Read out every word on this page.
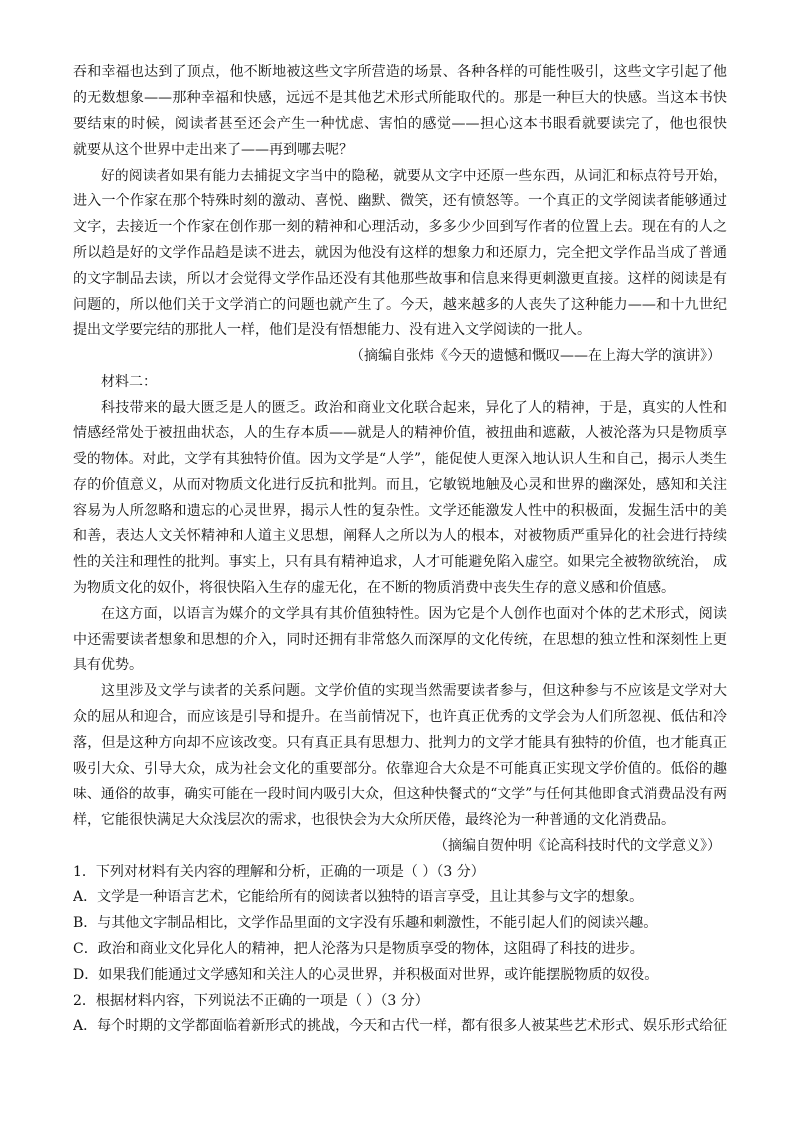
吞和幸福也达到了顶点，他不断地被这些文字所营造的场景、各种各样的可能性吸引，这些文字引起了他
的无数想象——那种幸福和快感，远远不是其他艺术形式所能取代的。那是一种巨大的快感。当这本书快
要结束的时候，阅读者甚至还会产生一种忧虑、害怕的感觉——担心这本书眼看就要读完了，他也很快
就要从这个世界中走出来了——再到哪去呢？
好的阅读者如果有能力去捕捉文字当中的隐秘，就要从文字中还原一些东西，从词汇和标点符号开始，
进入一个作家在那个特殊时刻的激动、喜悦、幽默、微笑，还有愤怒等。一个真正的文学阅读者能够通过
文字，去接近一个作家在创作那一刻的精神和心理活动，多多少少回到写作者的位置上去。现在有的人之
所以趋是好的文学作品趋是读不进去，就因为他没有这样的想象力和还原力，完全把文学作品当成了普通
的文字制品去读，所以才会觉得文学作品还没有其他那些故事和信息来得更刺激更直接。这样的阅读是有
问题的，所以他们关于文学消亡的问题也就产生了。今天，越来越多的人丧失了这种能力——和十九世纪
提出文学要完结的那批人一样，他们是没有悟想能力、没有进入文学阅读的一批人。
（摘编自张炜《今天的遗憾和慨叹——在上海大学的演讲》）
材料二：
科技带来的最大匮乏是人的匮乏。政治和商业文化联合起来，异化了人的精神，于是，真实的人性和
情感经常处于被扭曲状态，人的生存本质——就是人的精神价值，被扭曲和遮蔽，人被沦落为只是物质享
受的物体。对此，文学有其独特价值。因为文学是“人学”，能促使人更深入地认识人生和自己，揭示人类生
存的价值意义，从而对物质文化进行反抗和批判。而且，它敏锐地触及心灵和世界的幽深处，感知和关注
容易为人所忽略和遗忘的心灵世界，揭示人性的复杂性。文学还能激发人性中的积极面，发掘生活中的美
和善，表达人文关怀精神和人道主义思想，阐释人之所以为人的根本，对被物质严重异化的社会进行持续
性的关注和理性的批判。事实上，只有具有精神追求，人才可能避免陷入虚空。如果完全被物欲统治， 成
为物质文化的奴仆，将很快陷入生存的虚无化，在不断的物质消费中丧失生存的意义感和价值感。
在这方面，以语言为媒介的文学具有其价值独特性。因为它是个人创作也面对个体的艺术形式，阅读
中还需要读者想象和思想的介入，同时还拥有非常悠久而深厚的文化传统，在思想的独立性和深刻性上更
具有优势。
这里涉及文学与读者的关系问题。文学价值的实现当然需要读者参与，但这种参与不应该是文学对大
众的屈从和迎合，而应该是引导和提升。在当前情况下，也许真正优秀的文学会为人们所忽视、低估和冷
落，但是这种方向却不应该改变。只有真正具有思想力、批判力的文学才能具有独特的价值，也才能真正
吸引大众、引导大众，成为社会文化的重要部分。依靠迎合大众是不可能真正实现文学价值的。低俗的趣
味、通俗的故事，确实可能在一段时间内吸引大众，但这种快餐式的“文学”与任何其他即食式消费品没有两
样，它能很快满足大众浅层次的需求，也很快会为大众所厌倦，最终沦为一种普通的文化消费品。
（摘编自贺仲明《论高科技时代的文学意义》）
1．下列对材料有关内容的理解和分析，正确的一项是（ ）（3 分）
A．文学是一种语言艺术，它能给所有的阅读者以独特的语言享受，且让其参与文字的想象。
B．与其他文字制品相比，文学作品里面的文字没有乐趣和刺激性，不能引起人们的阅读兴趣。
C．政治和商业文化异化人的精神，把人沦落为只是物质享受的物体，这阻碍了科技的进步。
D．如果我们能通过文学感知和关注人的心灵世界，并积极面对世界，或许能摆脱物质的奴役。
2．根据材料内容，下列说法不正确的一项是（ ）（3 分）
A．每个时期的文学都面临着新形式的挑战，今天和古代一样，都有很多人被某些艺术形式、娱乐形式给征
